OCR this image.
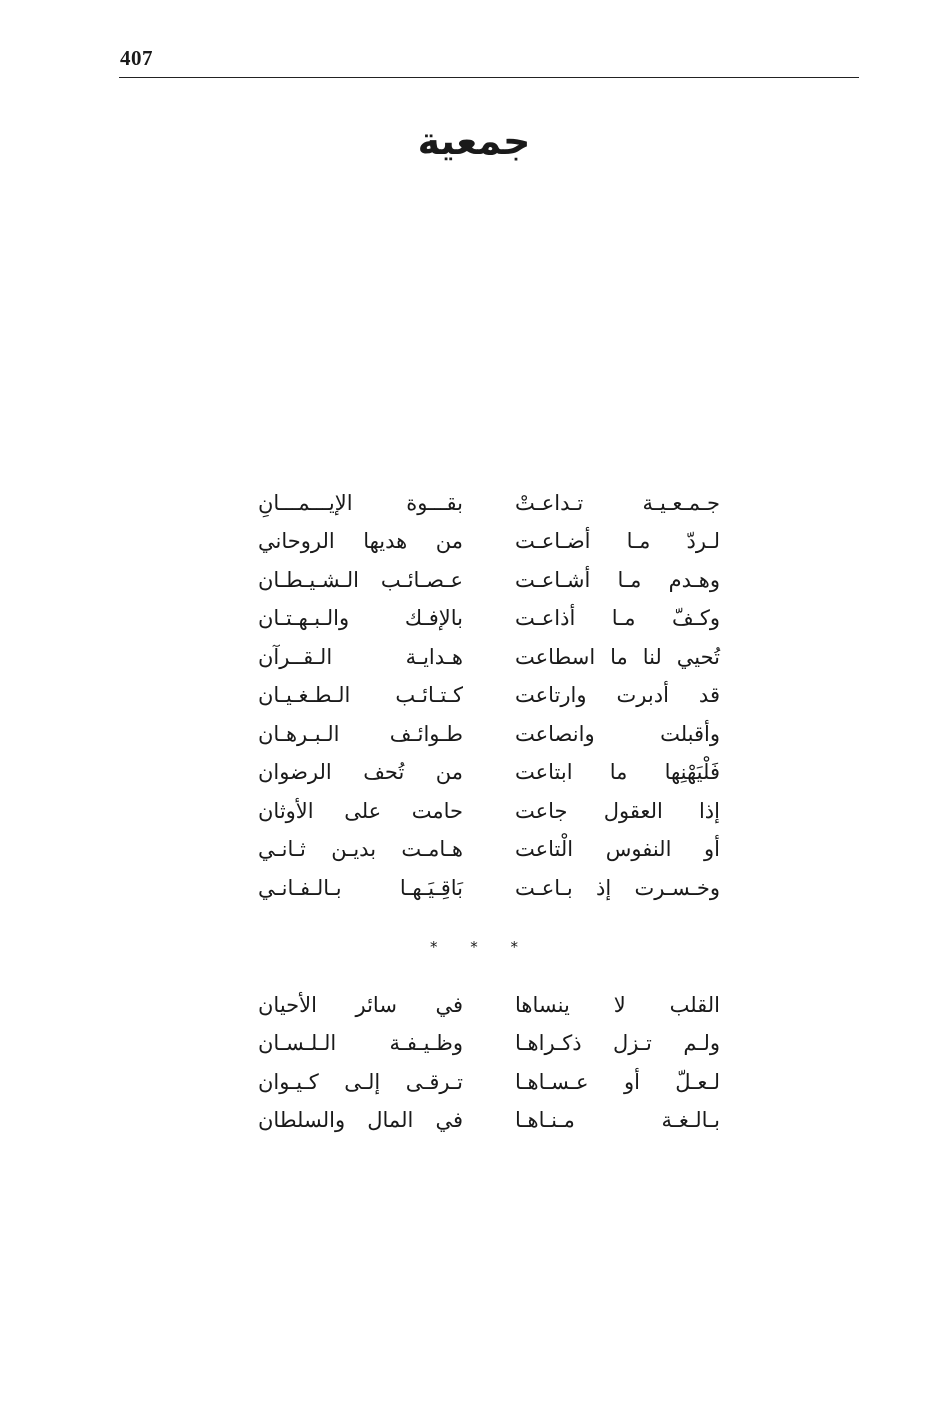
407
جمعية
جـمـعـيـة تـداعـتْ
بقـــوة الإيـــمـــانِ
لـردّ مـا أضـاعـت
من هديها الروحاني
وهـدم مـا أشـاعـت
عـصـائـب الـشـيـطـان
وكـفّ مـا أذاعـت
بالإفـك والـبـهـتـان
تُحيي لنا ما اسطاعت
هـدايـة الـقــرآن
قد أدبرت وارتاعت
كـتـائـب الـطـغـيـان
وأقبلت وانصاعت
طـوائـف الـبـرهـان
فَلْيَهْنِها ما ابتاعت
من تُحف الرضوان
إذا العقول جاعت
حامت على الأوثان
أو النفوس الْتاعت
هـامـت بديـن ثـانـي
وخـسـرت إذ بـاعـت
بَاقِـيَـهـا بـالـفـانـي
* * *
القلب لا ينساها
في سائر الأحيان
ولـم تـزل ذكـراهـا
وظـيـفـة الـلـسـان
لـعـلّ أو عـسـاهـا
تـرقـى إلـى كـيـوان
بـالـغـة مـنـاهـا
في المال والسلطان
